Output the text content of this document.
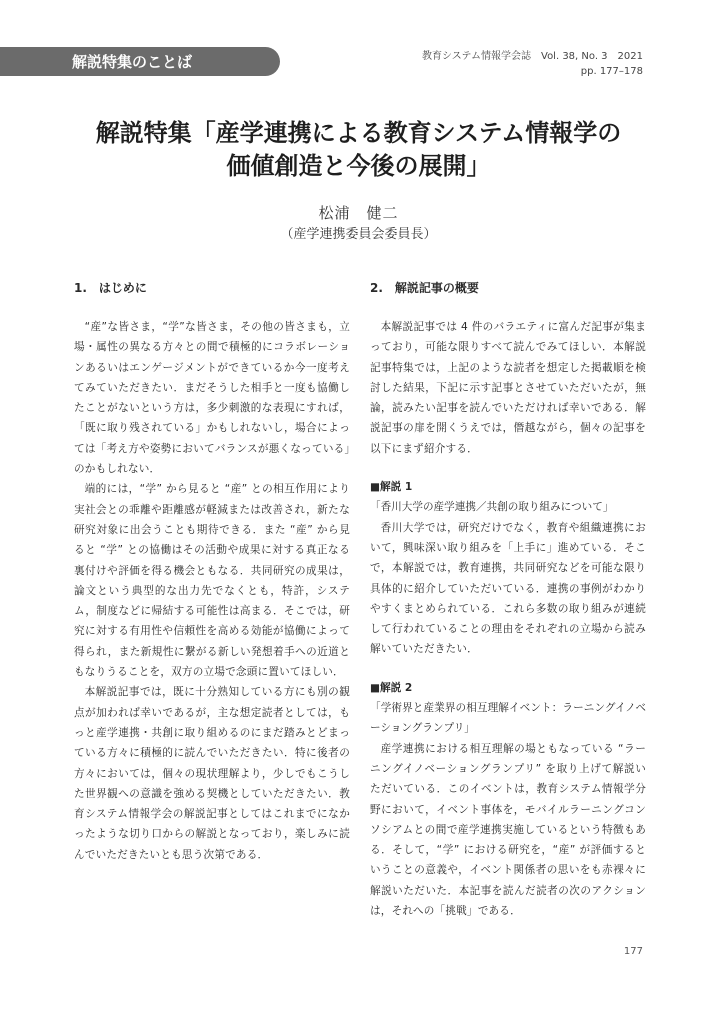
解説特集のことば	教育システム情報学会誌　Vol. 38, No. 3　2021
pp. 177–178
解説特集「産学連携による教育システム情報学の
価値創造と今後の展開」
松浦　健二
（産学連携委員会委員長）
1.　はじめに

“産”な皆さま，“学”な皆さま，その他の皆さまも，立場・属性の異なる方々との間で積極的にコラボレーションあるいはエンゲージメントができているか今一度考えてみていただきたい．まだそうした相手と一度も協働したことがないという方は，多少刺激的な表現にすれば，「既に取り残されている」かもしれないし，場合によっては「考え方や姿勢においてバランスが悪くなっている」のかもしれない．

端的には，“学” から見ると “産” との相互作用により実社会との乖離や距離感が軽減または改善され，新たな研究対象に出会うことも期待できる．また “産” から見ると “学” との協働はその活動や成果に対する真正なる裏付けや評価を得る機会ともなる．共同研究の成果は，論文という典型的な出力先でなくとも，特許，システム，制度などに帰結する可能性は高まる．そこでは，研究に対する有用性や信頼性を高める効能が協働によって得られ，また新規性に繋がる新しい発想着手への近道ともなりうることを，双方の立場で念頭に置いてほしい．

本解説記事では，既に十分熟知している方にも別の観点が加われば幸いであるが，主な想定読者としては，もっと産学連携・共創に取り組めるのにまだ踏みとどまっている方々に積極的に読んでいただきたい．特に後者の方々においては，個々の現状理解より，少しでもこうした世界観への意識を強める契機としていただきたい．教育システム情報学会の解説記事としてはこれまでになかったような切り口からの解説となっており，楽しみに読んでいただきたいとも思う次第である．

2.　解説記事の概要

本解説記事では 4 件のバラエティに富んだ記事が集まっており，可能な限りすべて読んでみてほしい．本解説記事特集では，上記のような読者を想定した掲載順を検討した結果，下記に示す記事とさせていただいたが，無論，読みたい記事を読んでいただければ幸いである．解説記事の扉を開くうえでは，僭越ながら，個々の記事を以下にまず紹介する．

■解説 1

「香川大学の産学連携／共創の取り組みについて」

香川大学では，研究だけでなく，教育や組織連携において，興味深い取り組みを「上手に」進めている．そこで，本解説では，教育連携，共同研究などを可能な限り具体的に紹介していただいている．連携の事例がわかりやすくまとめられている．これら多数の取り組みが連続して行われていることの理由をそれぞれの立場から読み解いていただきたい．

■解説 2

「学術界と産業界の相互理解イベント：ラーニングイノベーショングランプリ」

産学連携における相互理解の場ともなっている “ラーニングイノベーショングランプリ” を取り上げて解説いただいている．このイベントは，教育システム情報学分野において，イベント事体を，モバイルラーニングコンソシアムとの間で産学連携実施しているという特徴もある．そして，“学” における研究を，“産” が評価するということの意義や，イベント関係者の思いをも赤裸々に解説いただいた．本記事を読んだ読者の次のアクションは，それへの「挑戦」である．

177
